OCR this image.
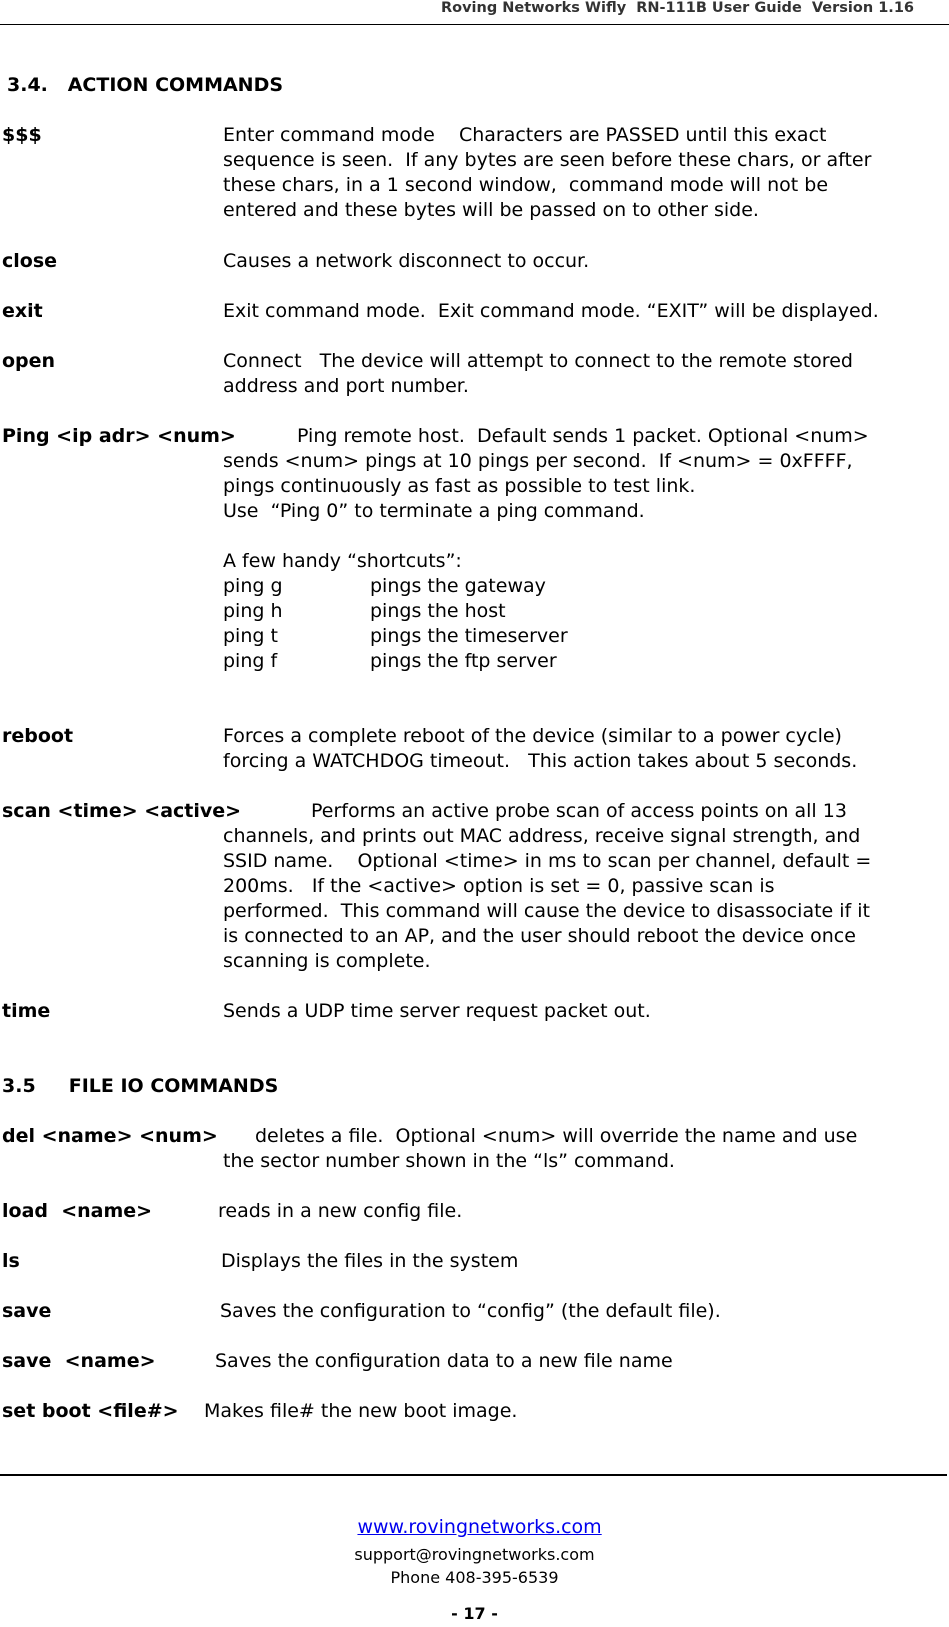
Roving Networks Wifly  RN-111B User Guide  Version 1.16
3.4.   ACTION COMMANDS
$$$	Enter command mode    Characters are PASSED until this exact
sequence is seen.  If any bytes are seen before these chars, or after
these chars, in a 1 second window,  command mode will not be
entered and these bytes will be passed on to other side.
close	Causes a network disconnect to occur.
exit	Exit command mode.  Exit command mode. “EXIT” will be displayed.
open	Connect   The device will attempt to connect to the remote stored
address and port number.
Ping <ip adr> <num>	Ping remote host.  Default sends 1 packet. Optional <num>
sends <num> pings at 10 pings per second.  If <num> = 0xFFFF,
pings continuously as fast as possible to test link.
Use  “Ping 0” to terminate a ping command.
A few handy “shortcuts”:
ping g	pings the gateway
ping h	pings the host
ping t	pings the timeserver
ping f	pings the ftp server
reboot	Forces a complete reboot of the device (similar to a power cycle)
forcing a WATCHDOG timeout.   This action takes about 5 seconds.
scan <time> <active>	Performs an active probe scan of access points on all 13
channels, and prints out MAC address, receive signal strength, and
SSID name.    Optional <time> in ms to scan per channel, default =
200ms.   If the <active> option is set = 0, passive scan is
performed.  This command will cause the device to disassociate if it
is connected to an AP, and the user should reboot the device once
scanning is complete.
time	Sends a UDP time server request packet out.
3.5     FILE IO COMMANDS
del <name> <num> deletes a file.  Optional <num> will override the name and use
the sector number shown in the “ls” command.
load  <name>	reads in a new config file.
ls	Displays the files in the system
save	Saves the configuration to “config” (the default file).
save  <name>	Saves the configuration data to a new file name
set boot <file#> Makes file# the new boot image.

www.rovingnetworks.com

support@rovingnetworks.com
Phone 408-395-6539
- 17 -
